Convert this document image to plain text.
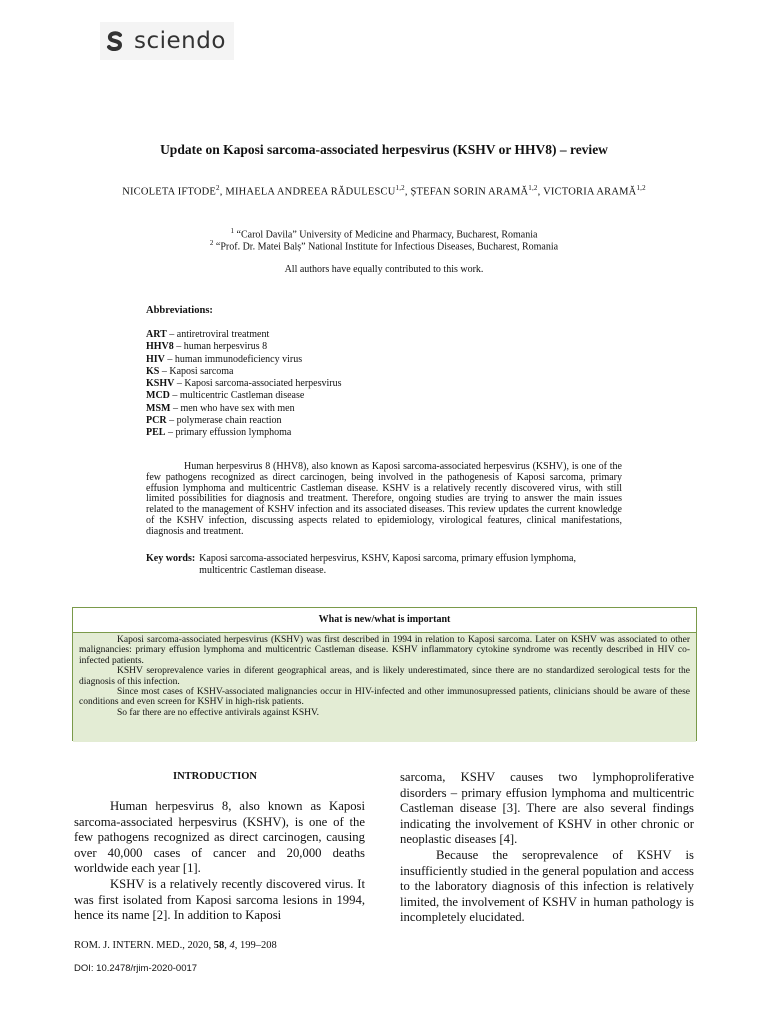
sciendo
Update on Kaposi sarcoma-associated herpesvirus (KSHV or HHV8) – review
NICOLETA IFTODE$^2$, MIHAELA ANDREEA RĂDULESCU$^{1,2}$, ȘTEFAN SORIN ARAMĂ$^{1,2}$, VICTORIA ARAMĂ$^{1,2}$
$^1$ “Carol Davila” University of Medicine and Pharmacy, Bucharest, Romania
$^2$ “Prof. Dr. Matei Balș” National Institute for Infectious Diseases, Bucharest, Romania
All authors have equally contributed to this work.
Abbreviations:
ART – antiretroviral treatment
HHV8 – human herpesvirus 8
HIV – human immunodeficiency virus
KS – Kaposi sarcoma
KSHV – Kaposi sarcoma-associated herpesvirus
MCD – multicentric Castleman disease
MSM – men who have sex with men
PCR – polymerase chain reaction
PEL – primary effussion lymphoma
Human herpesvirus 8 (HHV8), also known as Kaposi sarcoma-associated herpesvirus (KSHV), is one of the few pathogens recognized as direct carcinogen, being involved in the pathogenesis of Kaposi sarcoma, primary effusion lymphoma and multicentric Castleman disease. KSHV is a relatively recently discovered virus, with still limited possibilities for diagnosis and treatment. Therefore, ongoing studies are trying to answer the main issues related to the management of KSHV infection and its associated diseases. This review updates the current knowledge of the KSHV infection, discussing aspects related to epidemiology, virological features, clinical manifestations, diagnosis and treatment.
Key words: Kaposi sarcoma-associated herpesvirus, KSHV, Kaposi sarcoma, primary effusion lymphoma, multicentric Castleman disease.
What is new/what is important

Kaposi sarcoma-associated herpesvirus (KSHV) was first described in 1994 in relation to Kaposi sarcoma. Later on KSHV was associated to other malignancies: primary effusion lymphoma and multicentric Castleman disease. KSHV inflammatory cytokine syndrome was recently described in HIV co-infected patients.

KSHV seroprevalence varies in diferent geographical areas, and is likely underestimated, since there are no standardized serological tests for the diagnosis of this infection.

Since most cases of KSHV-associated malignancies occur in HIV-infected and other immunosupressed patients, clinicians should be aware of these conditions and even screen for KSHV in high-risk patients.

So far there are no effective antivirals against KSHV.

INTRODUCTION

Human herpesvirus 8, also known as Kaposi sarcoma-associated herpesvirus (KSHV), is one of the few pathogens recognized as direct carcinogen, causing over 40,000 cases of cancer and 20,000 deaths worldwide each year [1].

KSHV is a relatively recently discovered virus. It was first isolated from Kaposi sarcoma lesions in 1994, hence its name [2]. In addition to Kaposi

sarcoma, KSHV causes two lymphoproliferative disorders – primary effusion lymphoma and multicentric Castleman disease [3]. There are also several findings indicating the involvement of KSHV in other chronic or neoplastic diseases [4].

Because the seroprevalence of KSHV is insufficiently studied in the general population and access to the laboratory diagnosis of this infection is relatively limited, the involvement of KSHV in human pathology is incompletely elucidated.

ROM. J. INTERN. MED., 2020, 58, 4, 199–208
DOI: 10.2478/rjim-2020-0017
